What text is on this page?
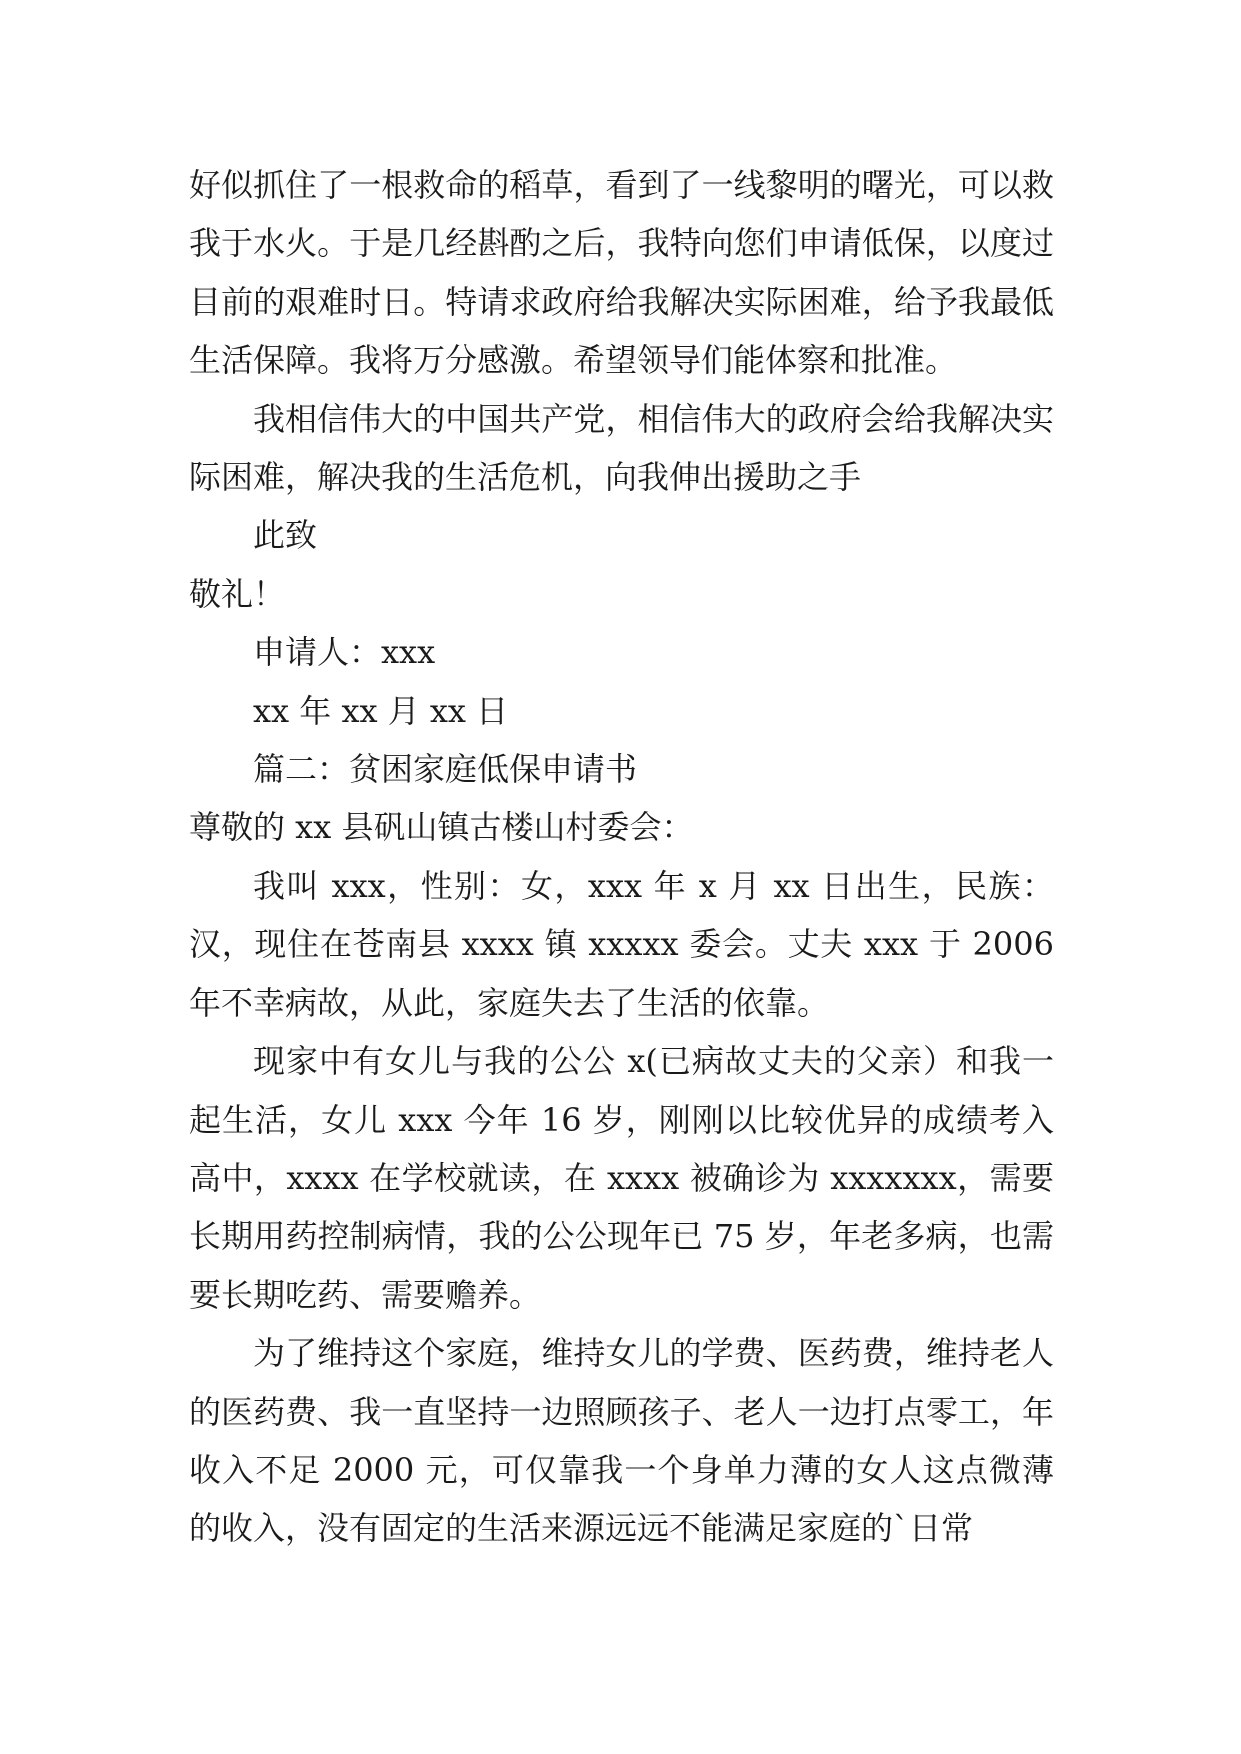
好似抓住了一根救命的稻草，看到了一线黎明的曙光，可以救我于水火。于是几经斟酌之后，我特向您们申请低保，以度过目前的艰难时日。特请求政府给我解决实际困难，给予我最低生活保障。我将万分感激。希望领导们能体察和批准。

我相信伟大的中国共产党，相信伟大的政府会给我解决实际困难，解决我的生活危机，向我伸出援助之手

此致

敬礼！

申请人：xxx

xx 年 xx 月 xx 日

篇二：贫困家庭低保申请书

尊敬的 xx 县矾山镇古楼山村委会：

我叫 xxx，性别：女，xxx 年 x 月 xx 日出生，民族：汉，现住在苍南县 xxxx 镇 xxxxx 委会。丈夫 xxx 于 2006 年不幸病故，从此，家庭失去了生活的依靠。

现家中有女儿与我的公公 x(已病故丈夫的父亲）和我一起生活，女儿 xxx 今年 16 岁，刚刚以比较优异的成绩考入高中，xxxx 在学校就读，在 xxxx 被确诊为 xxxxxxx，需要长期用药控制病情，我的公公现年已 75 岁，年老多病，也需要长期吃药、需要赡养。

为了维持这个家庭，维持女儿的学费、医药费，维持老人的医药费、我一直坚持一边照顾孩子、老人一边打点零工，年收入不足 2000 元，可仅靠我一个身单力薄的女人这点微薄的收入，没有固定的生活来源远远不能满足家庭的`日常
